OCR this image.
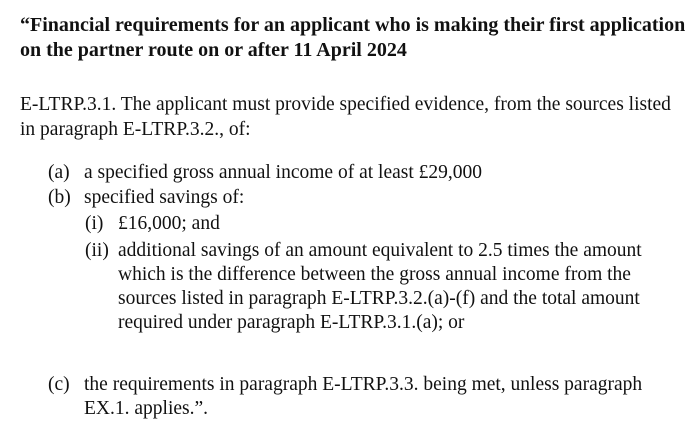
“Financial requirements for an applicant who is making their first application on the partner route on or after 11 April 2024

E-LTRP.3.1. The applicant must provide specified evidence, from the sources listed in paragraph E-LTRP.3.2., of:

(a) a specified gross annual income of at least £29,000
(b) specified savings of:
(i) £16,000; and
(ii) additional savings of an amount equivalent to 2.5 times the amount which is the difference between the gross annual income from the sources listed in paragraph E-LTRP.3.2.(a)-(f) and the total amount required under paragraph E-LTRP.3.1.(a); or
(c) the requirements in paragraph E-LTRP.3.3. being met, unless paragraph EX.1. applies.”.
